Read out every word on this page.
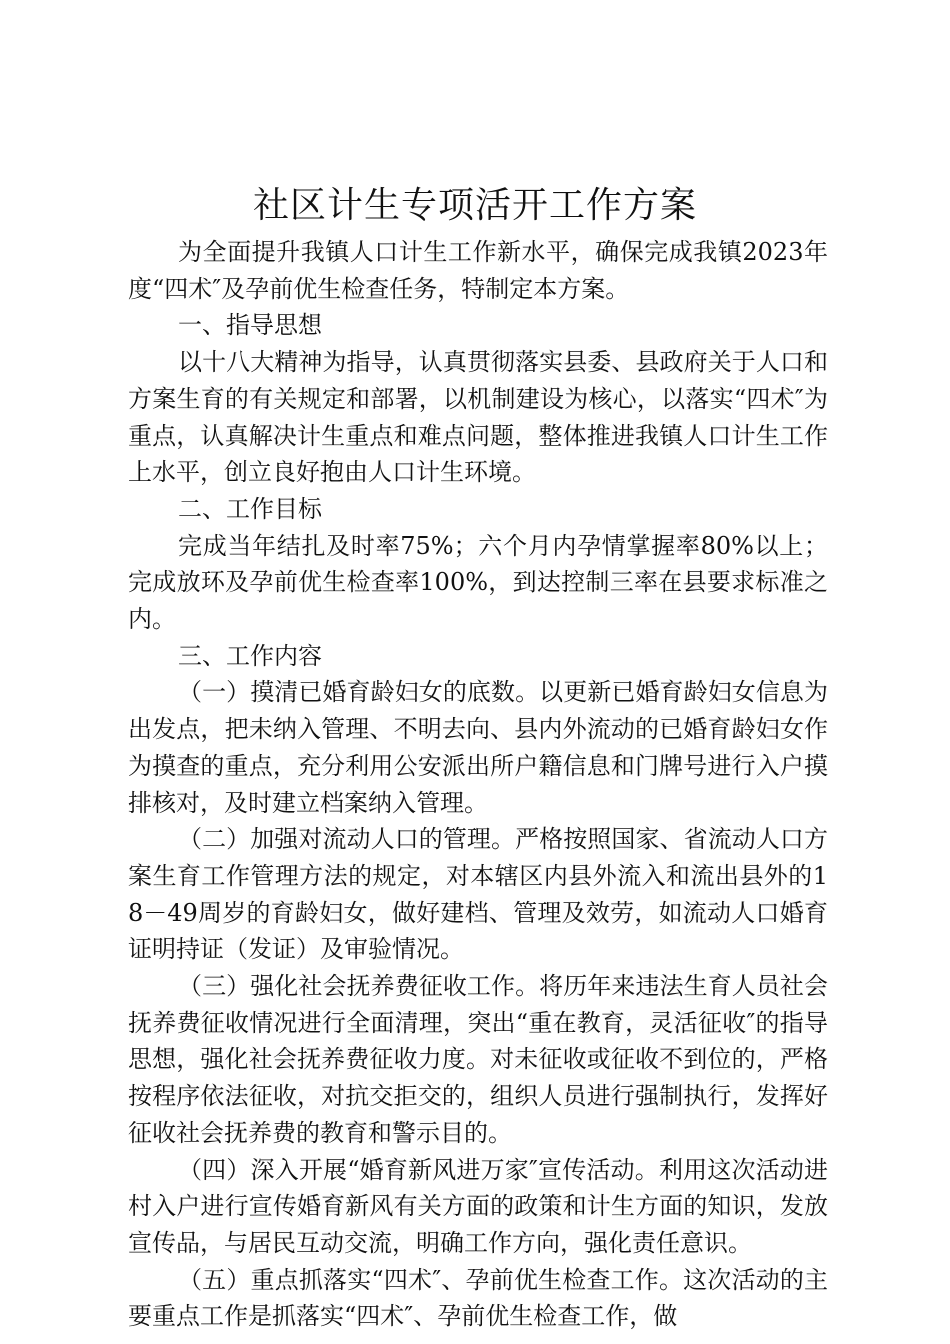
社区计生专项活开工作方案

为全面提升我镇人口计生工作新水平，确保完成我镇2023年度“四术″及孕前优生检查任务，特制定本方案。

一、指导思想

以十八大精神为指导，认真贯彻落实县委、县政府关于人口和方案生育的有关规定和部署，以机制建设为核心，以落实“四术″为重点，认真解决计生重点和难点问题，整体推进我镇人口计生工作上水平，创立良好抱由人口计生环境。

二、工作目标

完成当年结扎及时率75%；六个月内孕情掌握率80%以上；完成放环及孕前优生检查率100%，到达控制三率在县要求标准之内。

三、工作内容

（一）摸清已婚育龄妇女的底数。以更新已婚育龄妇女信息为出发点，把未纳入管理、不明去向、县内外流动的已婚育龄妇女作为摸查的重点，充分利用公安派出所户籍信息和门牌号进行入户摸排核对，及时建立档案纳入管理。

（二）加强对流动人口的管理。严格按照国家、省流动人口方案生育工作管理方法的规定，对本辖区内县外流入和流出县外的18－49周岁的育龄妇女，做好建档、管理及效劳，如流动人口婚育证明持证（发证）及审验情况。

（三）强化社会抚养费征收工作。将历年来违法生育人员社会抚养费征收情况进行全面清理，突出“重在教育，灵活征收″的指导思想，强化社会抚养费征收力度。对未征收或征收不到位的，严格按程序依法征收，对抗交拒交的，组织人员进行强制执行，发挥好征收社会抚养费的教育和警示目的。

（四）深入开展“婚育新风进万家″宣传活动。利用这次活动进村入户进行宣传婚育新风有关方面的政策和计生方面的知识，发放宣传品，与居民互动交流，明确工作方向，强化责任意识。

（五）重点抓落实“四术″、孕前优生检查工作。这次活动的主要重点工作是抓落实“四术″、孕前优生检查工作，做
